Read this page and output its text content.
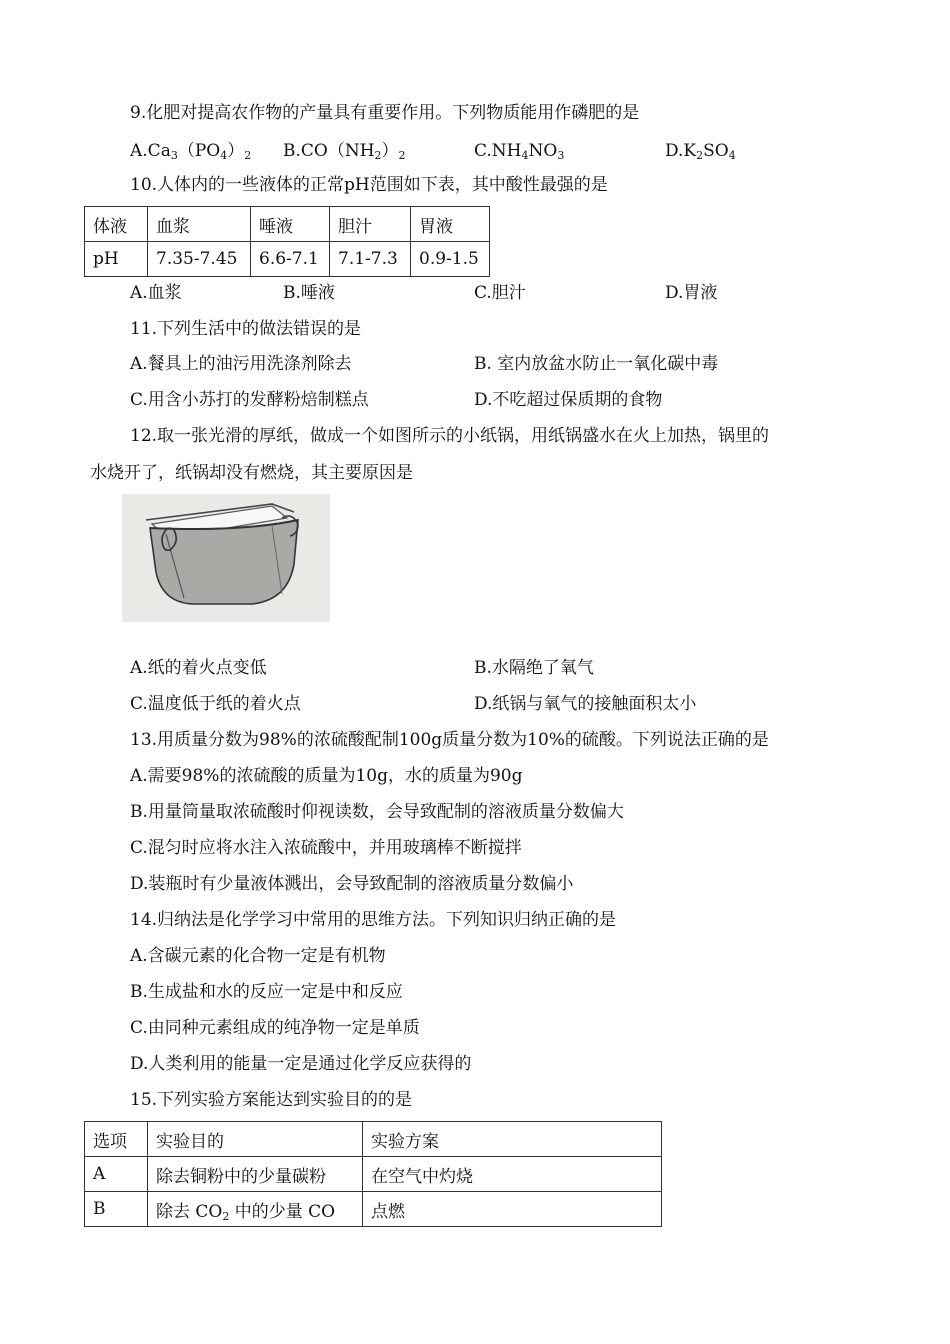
9.化肥对提高农作物的产量具有重要作用。下列物质能用作磷肥的是
$A.Ca_3(PO_4)_2$ $B.CO(NH_2)_2$	$C.NH_4NO_3$	$D.K_2SO_4$
10.人体内的一些液体的正常pH范围如下表，其中酸性最强的是
体液	血浆	唾液	胆汁	胃液
pH	7.35-7.45	6.6-7.1	7.1-7.3	0.9-1.5
A.血浆	B.唾液	C.胆汁	D.胃液
11.下列生活中的做法错误的是
A.餐具上的油污用洗涤剂除去	B. 室内放盆水防止一氧化碳中毒
C.用含小苏打的发酵粉焙制糕点	D.不吃超过保质期的食物
12.取一张光滑的厚纸，做成一个如图所示的小纸锅，用纸锅盛水在火上加热，锅里的
水烧开了，纸锅却没有燃烧，其主要原因是
A.纸的着火点变低	B.水隔绝了氧气
C.温度低于纸的着火点	D.纸锅与氧气的接触面积太小
13.用质量分数为98%的浓硫酸配制100g质量分数为10%的硫酸。下列说法正确的是
A.需要98%的浓硫酸的质量为10g，水的质量为90g
B.用量筒量取浓硫酸时仰视读数，会导致配制的溶液质量分数偏大
C.混匀时应将水注入浓硫酸中，并用玻璃棒不断搅拌
D.装瓶时有少量液体溅出，会导致配制的溶液质量分数偏小
14.归纳法是化学学习中常用的思维方法。下列知识归纳正确的是
A.含碳元素的化合物一定是有机物
B.生成盐和水的反应一定是中和反应
C.由同种元素组成的纯净物一定是单质
D.人类利用的能量一定是通过化学反应获得的
15.下列实验方案能达到实验目的的是
选项	实验目的	实验方案
A	除去铜粉中的少量碳粉	在空气中灼烧
B	除去 $CO_2$ 中的少量 CO	点燃
